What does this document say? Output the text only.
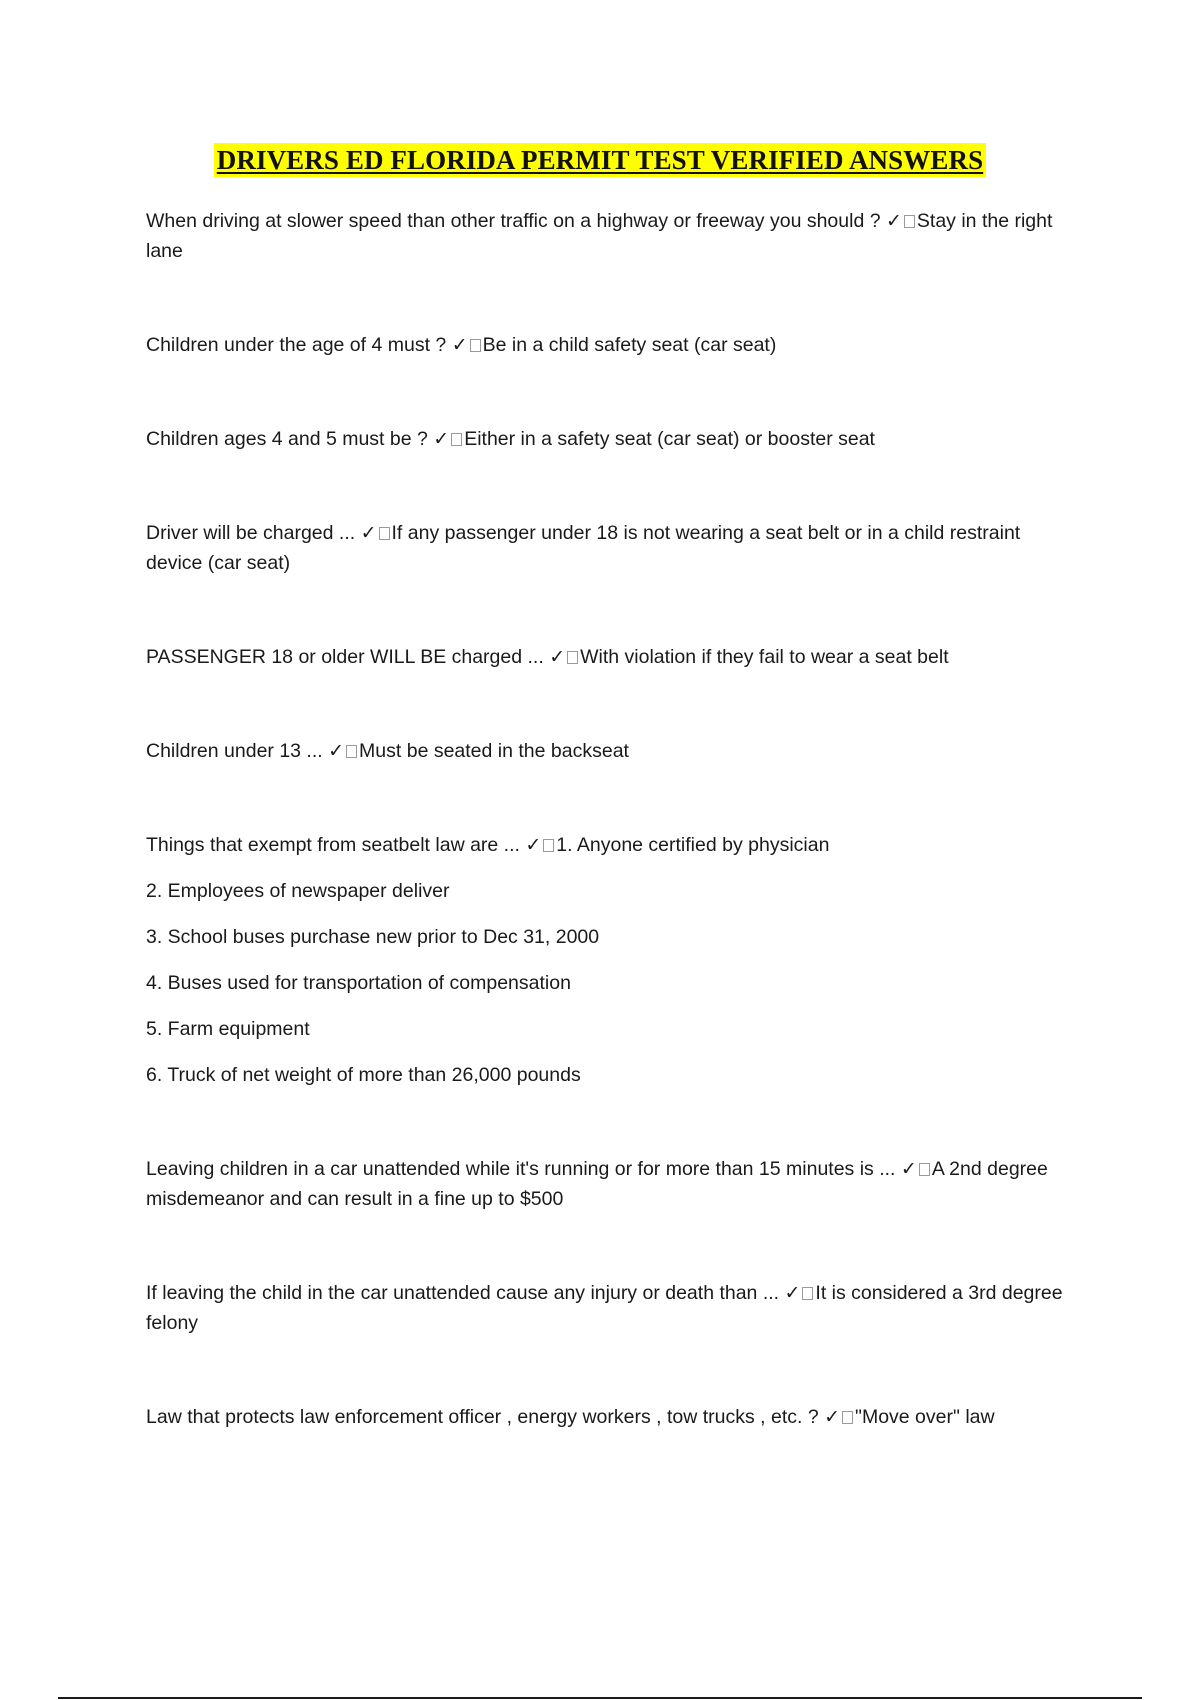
DRIVERS ED FLORIDA PERMIT TEST VERIFIED ANSWERS

When driving at slower speed than other traffic on a highway or freeway you should ? ✓ Stay in the right lane

Children under the age of 4 must ? ✓ Be in a child safety seat (car seat)

Children ages 4 and 5 must be ? ✓ Either in a safety seat (car seat) or booster seat

Driver will be charged ... ✓ If any passenger under 18 is not wearing a seat belt or in a child restraint device (car seat)

PASSENGER 18 or older WILL BE charged ... ✓ With violation if they fail to wear a seat belt

Children under 13 ... ✓ Must be seated in the backseat

Things that exempt from seatbelt law are ... ✓ 1. Anyone certified by physician
2. Employees of newspaper deliver
3. School buses purchase new prior to Dec 31, 2000
4. Buses used for transportation of compensation
5. Farm equipment
6. Truck of net weight of more than 26,000 pounds

Leaving children in a car unattended while it's running or for more than 15 minutes is ... ✓ A 2nd degree misdemeanor and can result in a fine up to $500

If leaving the child in the car unattended cause any injury or death than ... ✓ It is considered a 3rd degree felony

Law that protects law enforcement officer , energy workers , tow trucks , etc. ? ✓ "Move over" law
